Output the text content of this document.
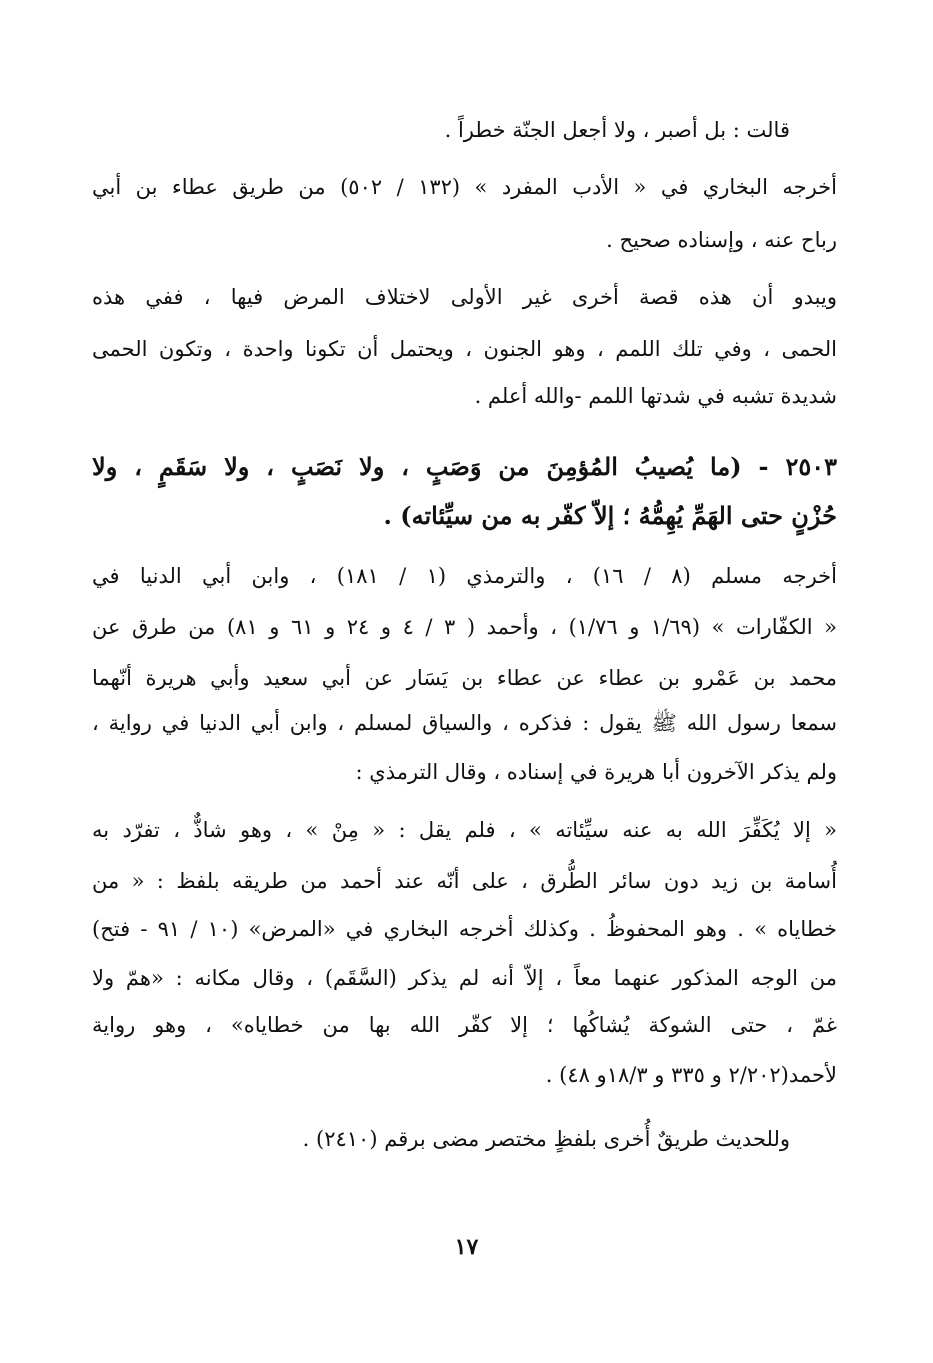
قالت : بل أصبر ، ولا أجعل الجنّة خطراً .
أخرجه البخاري في « الأدب المفرد » (١٣٢ / ٥٠٢) من طريق عطاء بن أبي
رباح عنه ، وإسناده صحيح .
ويبدو أن هذه قصة أخرى غير الأولى لاختلاف المرض فيها ، ففي هذه
الحمى ، وفي تلك اللمم ، وهو الجنون ، ويحتمل أن تكونا واحدة ، وتكون الحمى
شديدة تشبه في شدتها اللمم -والله أعلم .
٢٥٠٣ - (ما يُصيبُ المُؤمِنَ من وَصَبٍ ، ولا نَصَبٍ ، ولا سَقَمٍ ، ولا
حُزْنٍ حتى الهَمِّ يُهِمُّهُ ؛ إلاّ كفّر به من سيِّئاته) .
أخرجه مسلم (٨ / ١٦) ، والترمذي (١ / ١٨١) ، وابن أبي الدنيا في
« الكفّارات » (١/٦٩ و ١/٧٦) ، وأحمد ( ٣ / ٤ و ٢٤ و ٦١ و ٨١) من طرق عن
محمد بن عَمْرو بن عطاء عن عطاء بن يَسَار عن أبي سعيد وأبي هريرة أنّهما
سمعا رسول الله ﷺ يقول : فذكره ، والسياق لمسلم ، وابن أبي الدنيا في رواية ،
ولم يذكر الآخرون أبا هريرة في إسناده ، وقال الترمذي :
« إلا يُكَفِّرَ الله به عنه سيِّئاته » ، فلم يقل : « مِنْ » ، وهو شاذٌّ ، تفرّد به
أُسامة بن زيد دون سائر الطُّرق ، على أنّه عند أحمد من طريقه بلفظ : « من
خطاياه » . وهو المحفوظُ . وكذلك أخرجه البخاري في «المرض» (١٠ / ٩١ - فتح)
من الوجه المذكور عنهما معاً ، إلاّ أنه لم يذكر (السَّقَم) ، وقال مكانه : «همّ ولا
غمّ ، حتى الشوكة يُشاكُها ؛ إلا كفّر الله بها من خطاياه» ، وهو رواية
لأحمد(٢/٢٠٢ و ٣٣٥ و ١٨/٣و ٤٨) .
وللحديث طريقٌ أُخرى بلفظٍ مختصر مضى برقم (٢٤١٠) .
١٧
